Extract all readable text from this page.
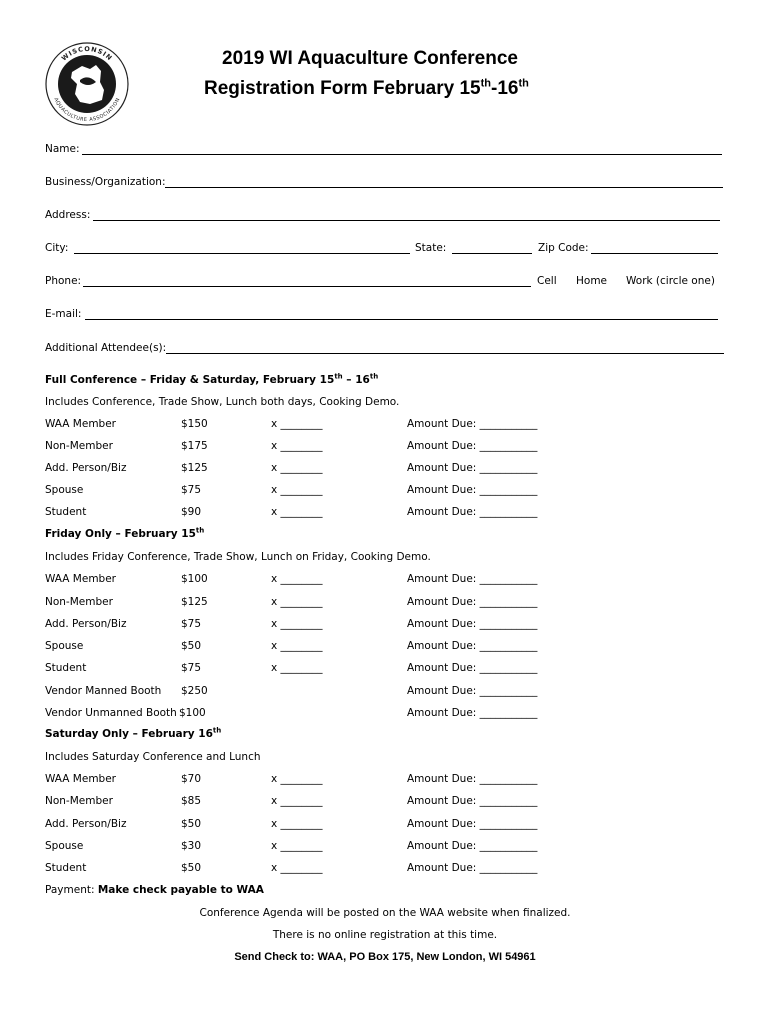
WISCONSIN
AQUACULTURE ASSOCIATION
2019 WI Aquaculture Conference
Registration Form February 15th-16th
Name:
Business/Organization:
Address:
City:	State:	Zip Code:
Phone:	Cell Home Work (circle one)
E-mail:
Additional Attendee(s):
Full Conference – Friday & Saturday, February 15th – 16th
Includes Conference, Trade Show, Lunch both days, Cooking Demo.
WAA Member	$150	x ________	Amount Due: ___________
Non-Member	$175	x ________	Amount Due: ___________
Add. Person/Biz	$125	x ________	Amount Due: ___________
Spouse	$75	x ________	Amount Due: ___________
Student	$90	x ________	Amount Due: ___________
Friday Only – February 15th
Includes Friday Conference, Trade Show, Lunch on Friday, Cooking Demo.
WAA Member	$100	x ________	Amount Due: ___________
Non-Member	$125	x ________	Amount Due: ___________
Add. Person/Biz	$75	x ________	Amount Due: ___________
Spouse	$50	x ________	Amount Due: ___________
Student	$75	x ________	Amount Due: ___________
Vendor Manned Booth $250	Amount Due: ___________
Vendor Unmanned Booth $100	Amount Due: ___________
Saturday Only – February 16th
Includes Saturday Conference and Lunch
WAA Member	$70	x ________	Amount Due: ___________
Non-Member	$85	x ________	Amount Due: ___________
Add. Person/Biz	$50	x ________	Amount Due: ___________
Spouse	$30	x ________	Amount Due: ___________
Student	$50	x ________	Amount Due: ___________
Payment: Make check payable to WAA
Conference Agenda will be posted on the WAA website when finalized.
There is no online registration at this time.
Send Check to: WAA, PO Box 175, New London, WI 54961
